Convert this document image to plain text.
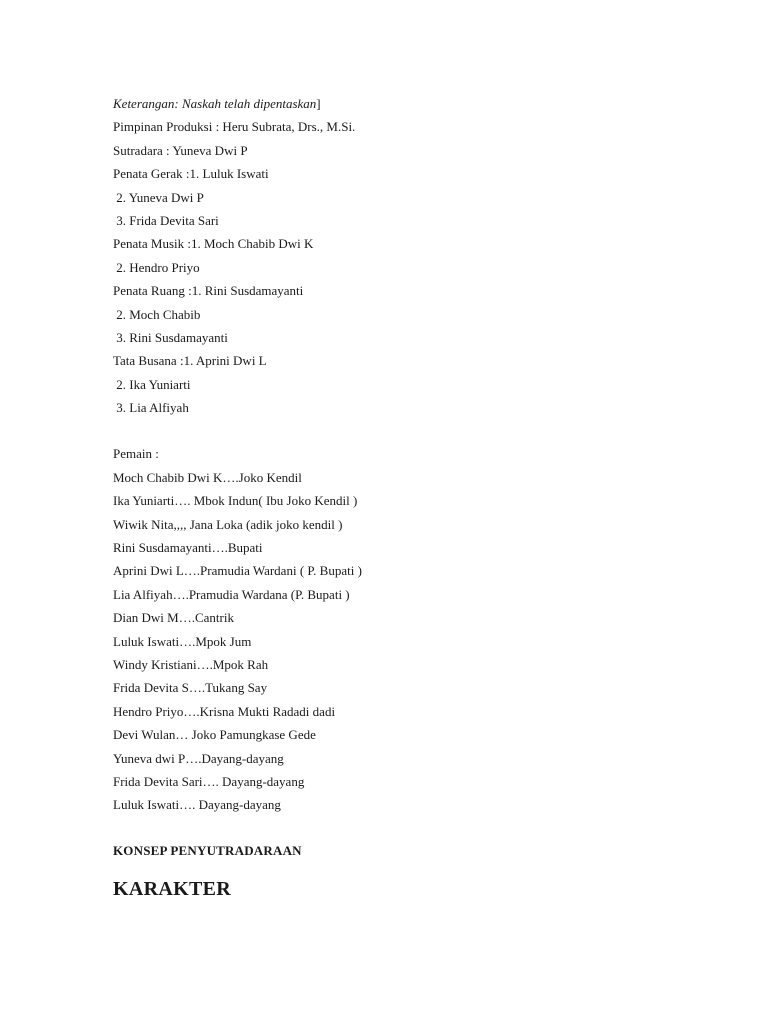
Keterangan: Naskah telah dipentaskan]
Pimpinan Produksi : Heru Subrata, Drs., M.Si.
Sutradara : Yuneva Dwi P
Penata Gerak :1. Luluk Iswati
2. Yuneva Dwi P
3. Frida Devita Sari
Penata Musik :1. Moch Chabib Dwi K
2. Hendro Priyo
Penata Ruang :1. Rini Susdamayanti
2. Moch Chabib
3. Rini Susdamayanti
Tata Busana :1. Aprini Dwi L
2. Ika Yuniarti
3. Lia Alfiyah
Pemain :
Moch Chabib Dwi K….Joko Kendil
Ika Yuniarti…. Mbok Indun( Ibu Joko Kendil )
Wiwik Nita,,,, Jana Loka (adik joko kendil )
Rini Susdamayanti….Bupati
Aprini Dwi L….Pramudia Wardani ( P. Bupati )
Lia Alfiyah….Pramudia Wardana (P. Bupati )
Dian Dwi M….Cantrik
Luluk Iswati….Mpok Jum
Windy Kristiani….Mpok Rah
Frida Devita S….Tukang Say
Hendro Priyo….Krisna Mukti Radadi dadi
Devi Wulan… Joko Pamungkase Gede
Yuneva dwi P….Dayang-dayang
Frida Devita Sari…. Dayang-dayang
Luluk Iswati…. Dayang-dayang
KONSEP PENYUTRADARAAN
KARAKTER
